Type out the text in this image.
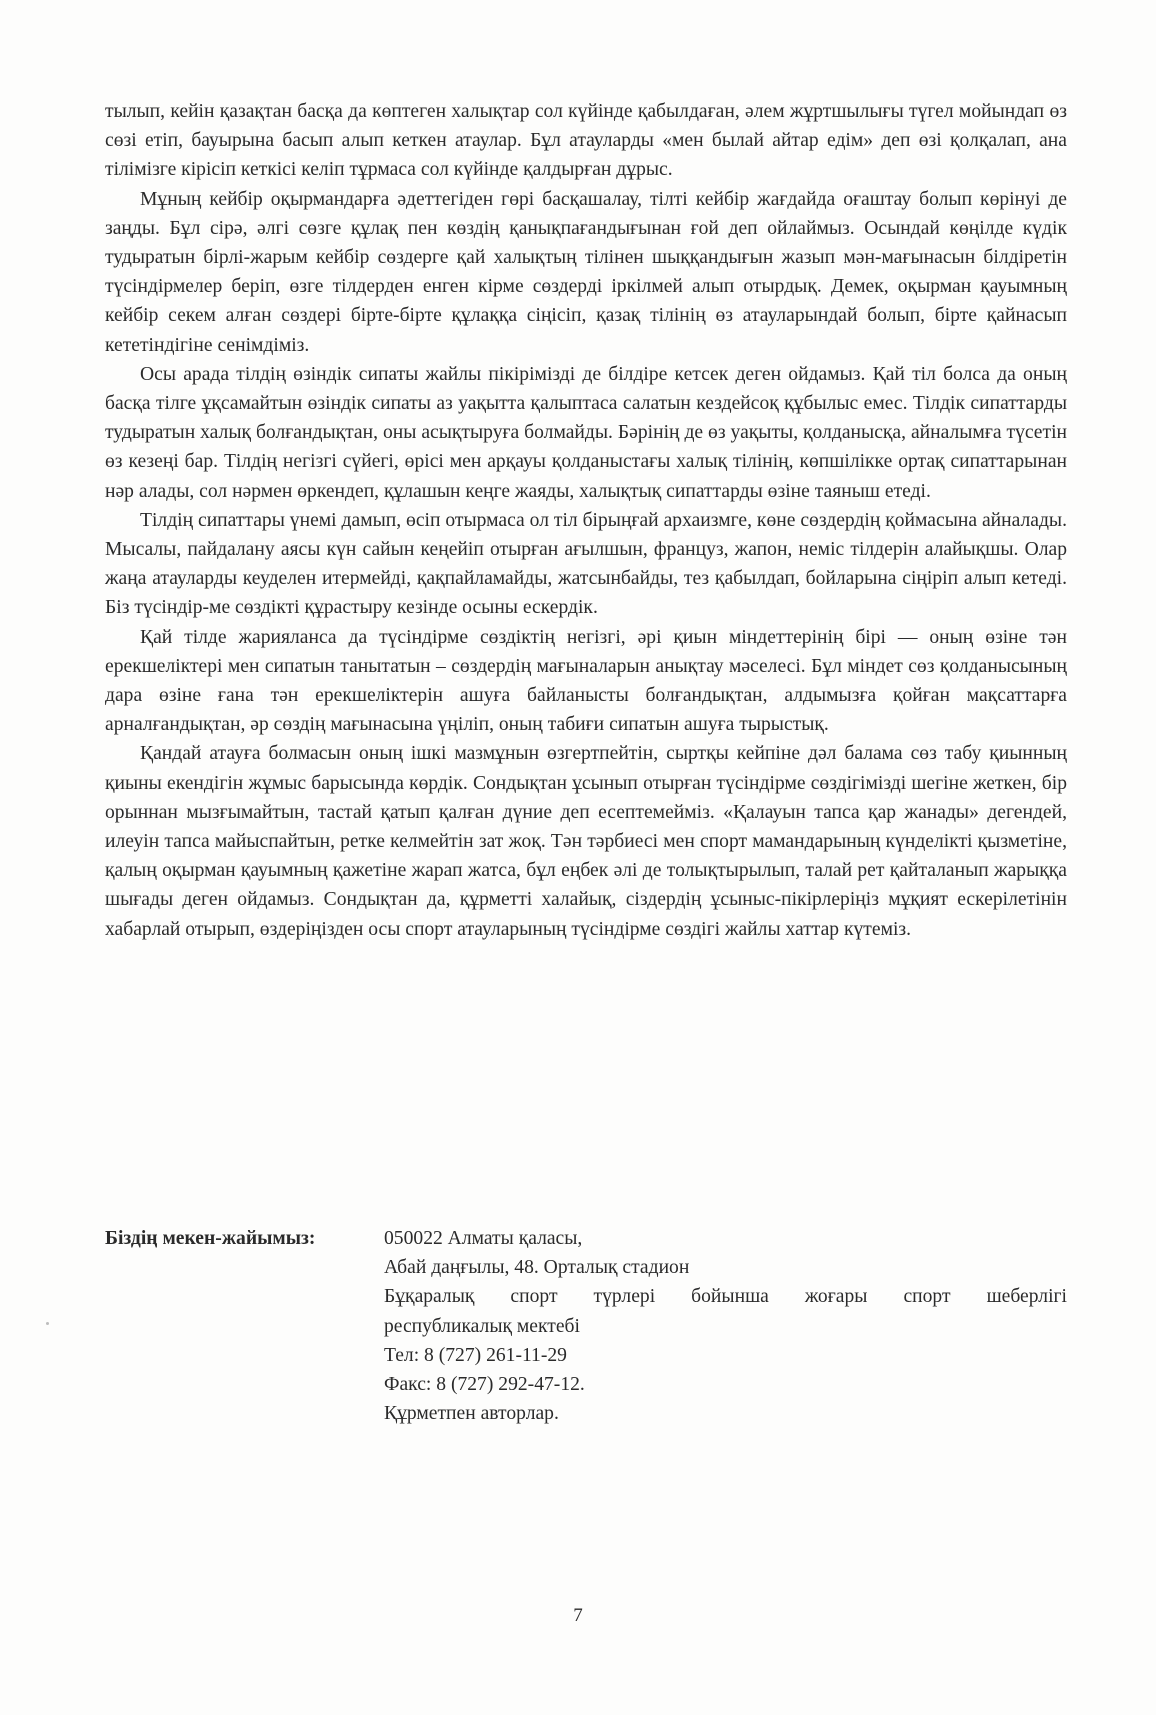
тылып, кейін қазақтан басқа да көптеген халықтар сол күйінде қабылдаған, әлем жұртшылығы түгел мойындап өз сөзі етіп, бауырына басып алып кеткен атаулар. Бұл атауларды «мен былай айтар едім» деп өзі қолқалап, ана тілімізге кірісіп кеткісі келіп тұрмаса сол күйінде қалдырған дұрыс.

Мұның кейбір оқырмандарға әдеттегіден гөрі басқашалау, тілті кейбір жағдайда оғаштау болып көрінуі де заңды. Бұл сірә, әлгі сөзге құлақ пен көздің қанықпағандығынан ғой деп ойлаймыз. Осындай көңілде күдік тудыратын бірлі-жарым кейбір сөздерге қай халықтың тілінен шыққандығын жазып мән-мағынасын білдіретін түсіндірмелер беріп, өзге тілдерден енген кірме сөздерді іркілмей алып отырдық. Демек, оқырман қауымның кейбір секем алған сөздері бірте-бірте құлаққа сіңісіп, қазақ тілінің өз атауларындай болып, бірте қайнасып кететіндігіне сенімдіміз.

Осы арада тілдің өзіндік сипаты жайлы пікірімізді де білдіре кетсек деген ойдамыз. Қай тіл болса да оның басқа тілге ұқсамайтын өзіндік сипаты аз уақытта қалыптаса салатын кездейсоқ құбылыс емес. Тілдік сипаттарды тудыратын халық болғандықтан, оны асықтыруға болмайды. Бәрінің де өз уақыты, қолданысқа, айналымға түсетін өз кезеңі бар. Тілдің негізгі сүйегі, өрісі мен арқауы қолданыстағы халық тілінің, көпшілікке ортақ сипаттарынан нәр алады, сол нәрмен өркендеп, құлашын кеңге жаяды, халықтық сипаттарды өзіне таяныш етеді.

Тілдің сипаттары үнемі дамып, өсіп отырмаса ол тіл бірыңғай архаизмге, көне сөздердің қоймасына айналады. Мысалы, пайдалану аясы күн сайын кеңейіп отырған ағылшын, француз, жапон, неміс тілдерін алайықшы. Олар жаңа атауларды кеуделен итермейді, қақпайламайды, жатсынбайды, тез қабылдап, бойларына сіңіріп алып кетеді. Біз түсіндір-ме сөздікті құрастыру кезінде осыны ескердік.

Қай тілде жарияланса да түсіндірме сөздіктің негізгі, әрі қиын міндеттерінің бірі — оның өзіне тән ерекшеліктері мен сипатын танытатын – сөздердің мағыналарын анықтау мәселесі. Бұл міндет сөз қолданысының дара өзіне ғана тән ерекшеліктерін ашуға байланысты болғандықтан, алдымызға қойған мақсаттарға арналғандықтан, әр сөздің мағынасына үңіліп, оның табиғи сипатын ашуға тырыстық.

Қандай атауға болмасын оның ішкі мазмұнын өзгертпейтін, сыртқы кейпіне дәл балама сөз табу қиынның қиыны екендігін жұмыс барысында көрдік. Сондықтан ұсынып отырған түсіндірме сөздігімізді шегіне жеткен, бір орыннан мызғымайтын, тастай қатып қалған дүние деп есептемейміз. «Қалауын тапса қар жанады» дегендей, илеуін тапса майыспайтын, ретке келмейтін зат жоқ. Тән тәрбиесі мен спорт мамандарының күнделікті қызметіне, қалың оқырман қауымның қажетіне жарап жатса, бұл еңбек әлі де толықтырылып, талай рет қайталанып жарыққа шығады деген ойдамыз. Сондықтан да, құрметті халайық, сіздердің ұсыныс-пікірлеріңіз мұқият ескерілетінін хабарлай отырып, өздеріңізден осы спорт атауларының түсіндірме сөздігі жайлы хаттар күтеміз.

Біздің мекен-жайымыз:	050022 Алматы қаласы,
Абай даңғылы, 48. Орталық стадион
Бұқаралық спорт түрлері бойынша жоғары спорт шеберлігі
республикалық мектебі
Тел: 8 (727) 261-11-29
Факс: 8 (727) 292-47-12.
Құрметпен авторлар.
7
